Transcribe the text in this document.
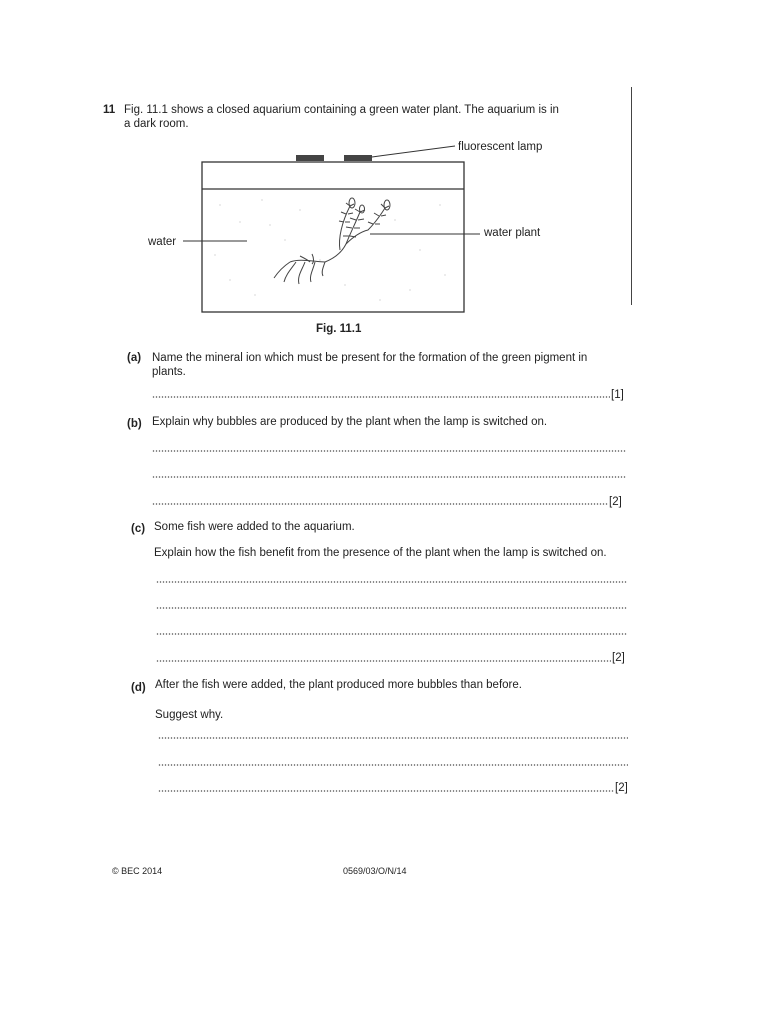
11 Fig. 11.1 shows a closed aquarium containing a green water plant. The aquarium is in
a dark room.
fluorescent lamp
water
water plant
Fig. 11.1
(a) Name the mineral ion which must be present for the formation of the green pigment in
plants.
[1]
(b) Explain why bubbles are produced by the plant when the lamp is switched on.
[2]
(c) Some fish were added to the aquarium.
Explain how the fish benefit from the presence of the plant when the lamp is switched on.
[2]
(d) After the fish were added, the plant produced more bubbles than before.
Suggest why.
[2]
© BEC 2014	0569/03/O/N/14
